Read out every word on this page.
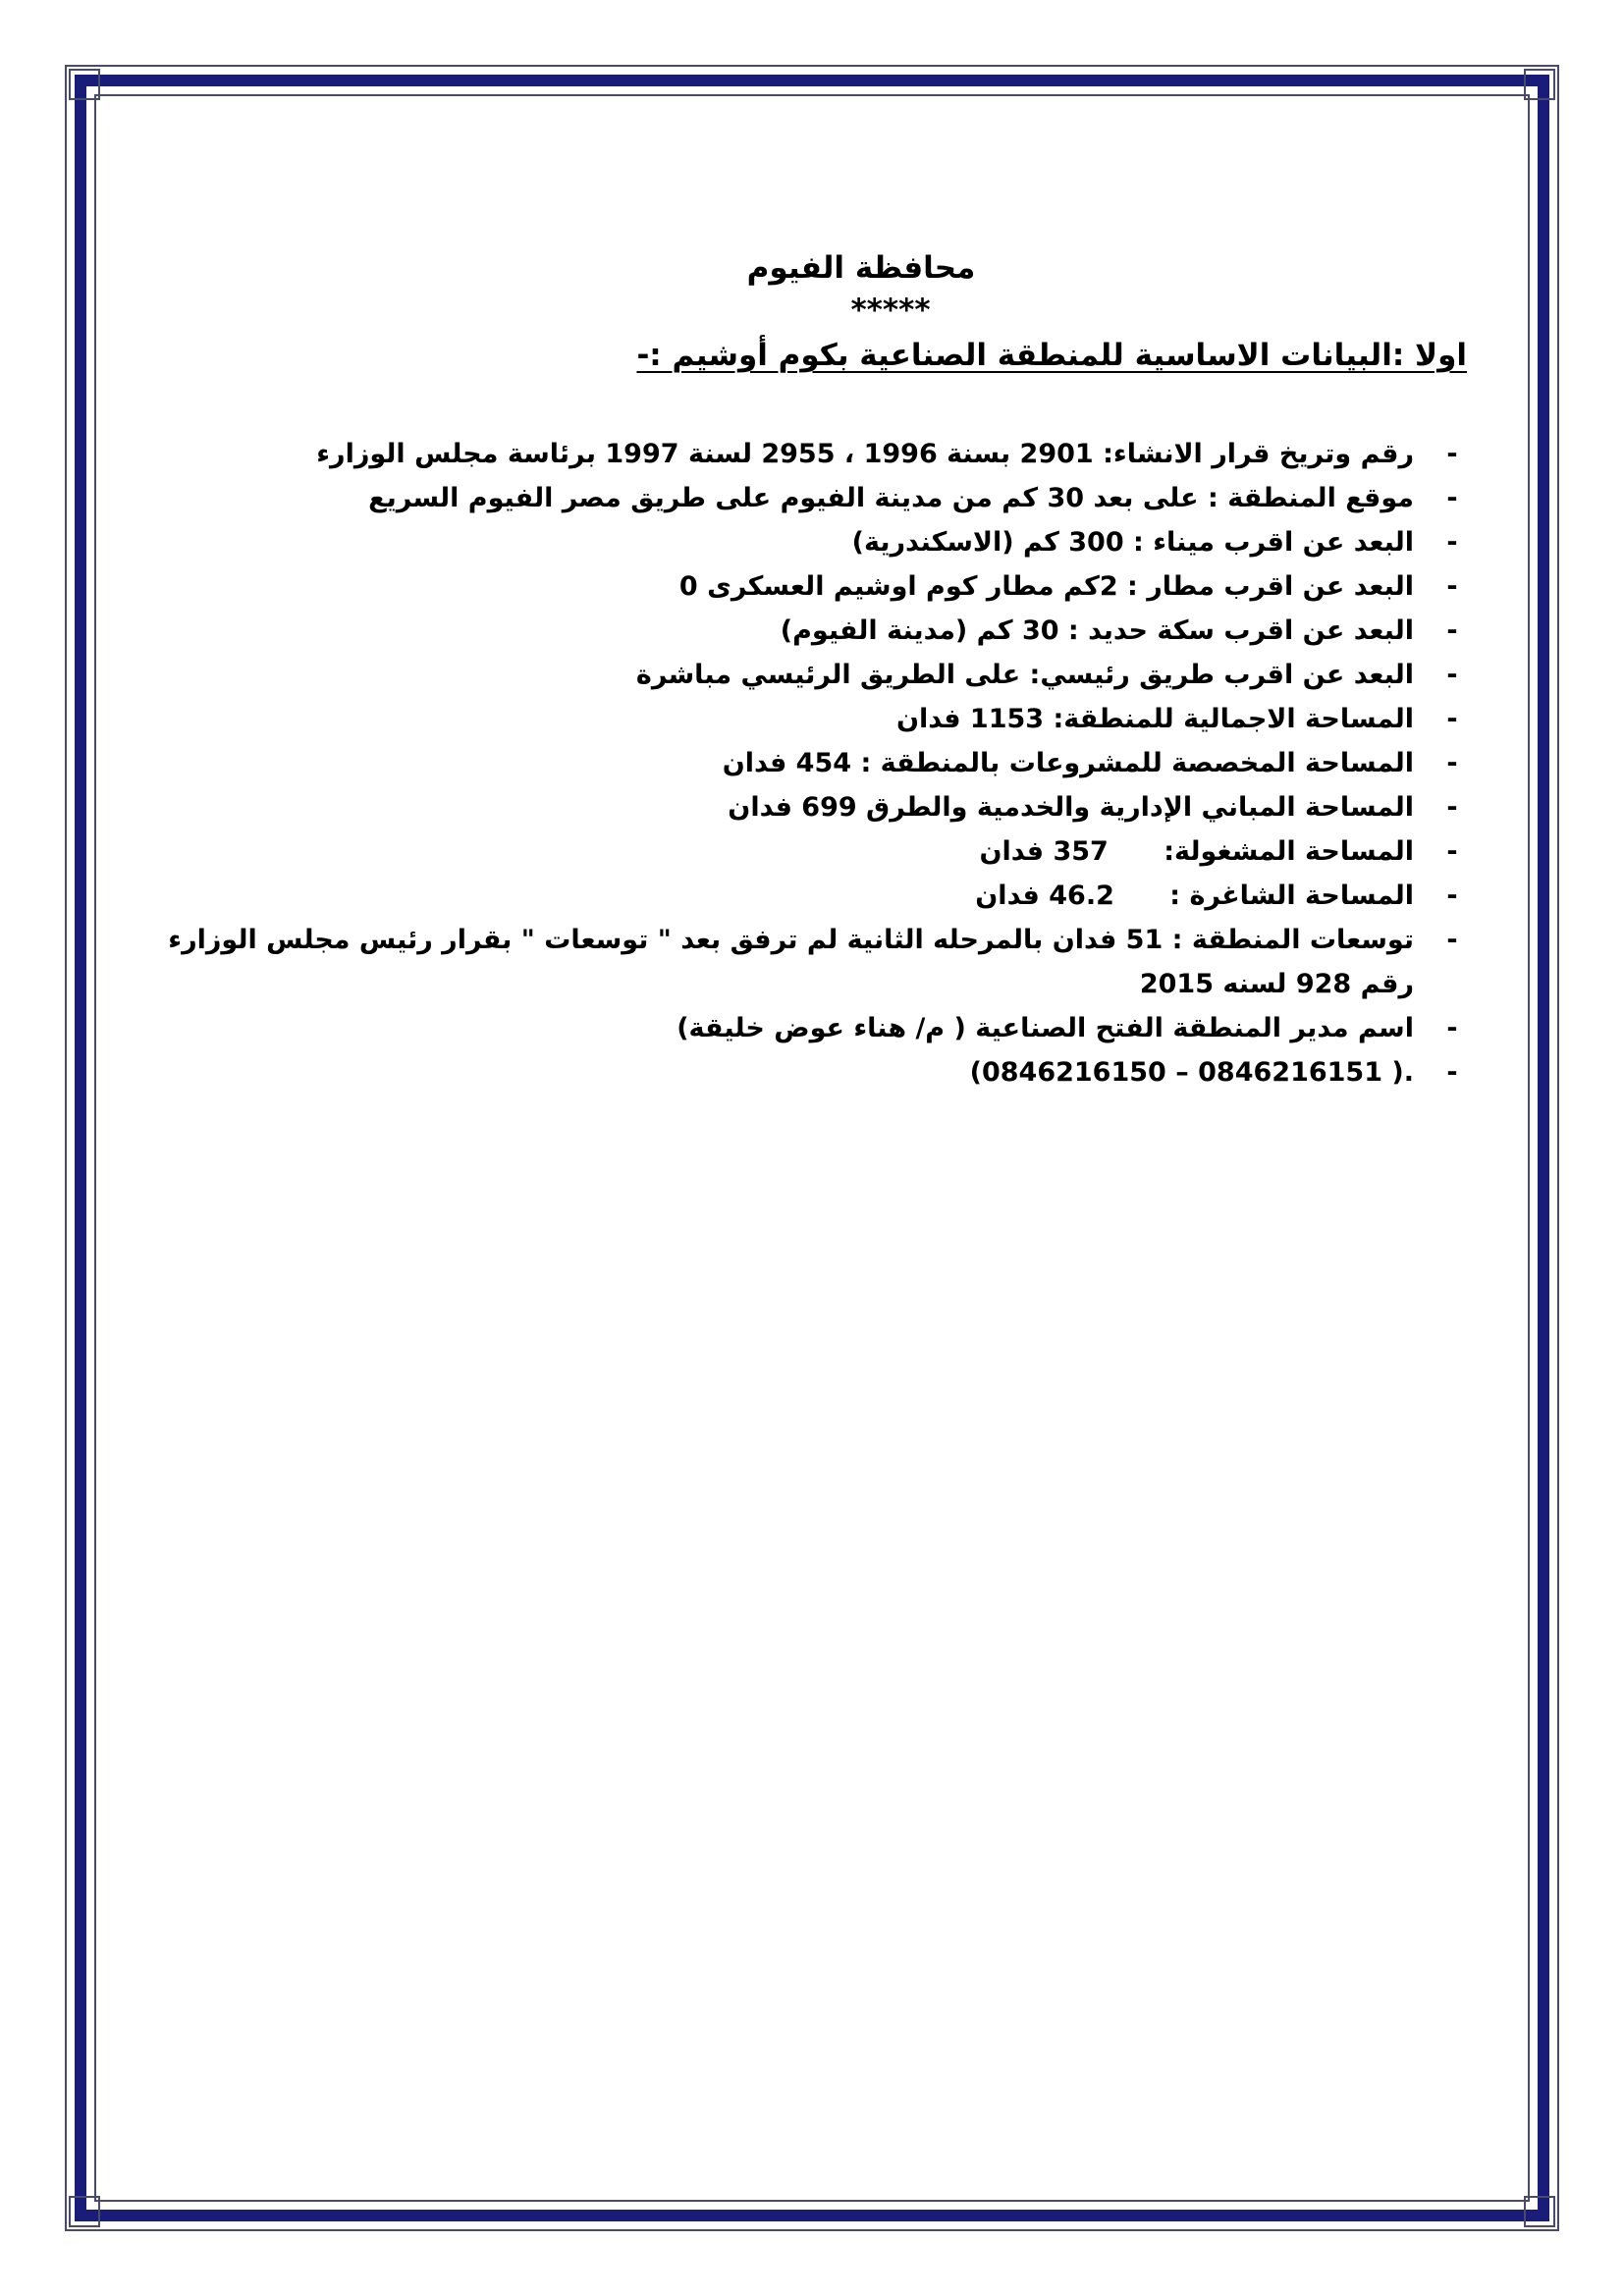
محافظة الفيوم

*****

اولا :البيانات الاساسية للمنطقة الصناعية بكوم أوشيم :-

-
رقم وتريخ قرار الانشاء: 2901 بسنة 1996 ، 2955 لسنة 1997 برئاسة مجلس الوزارء
-
موقع المنطقة : على بعد 30 كم من مدينة الفيوم على طريق مصر الفيوم السريع
-
البعد عن اقرب ميناء : 300 كم (الاسكندرية)
-
البعد عن اقرب مطار : 2كم مطار كوم اوشيم العسكرى 0
-
البعد عن اقرب سكة حديد : 30 كم (مدينة الفيوم)
-
البعد عن اقرب طريق رئيسي: على الطريق الرئيسي مباشرة
-
المساحة الاجمالية للمنطقة: 1153 فدان
-
المساحة المخصصة للمشروعات بالمنطقة : 454 فدان
-
المساحة المباني الإدارية والخدمية والطرق 699 فدان
-
المساحة المشغولة:      357 فدان
-
المساحة الشاغرة :      46.2 فدان
-
توسعات المنطقة : 51 فدان بالمرحله الثانية لم ترفق بعد " توسعات " بقرار رئيس مجلس الوزارء رقم 928 لسنه 2015
-
اسم مدير المنطقة الفتح الصناعية ( م/ هناء عوض خليقة)
-
(0846216150 – 0846216151 ).
